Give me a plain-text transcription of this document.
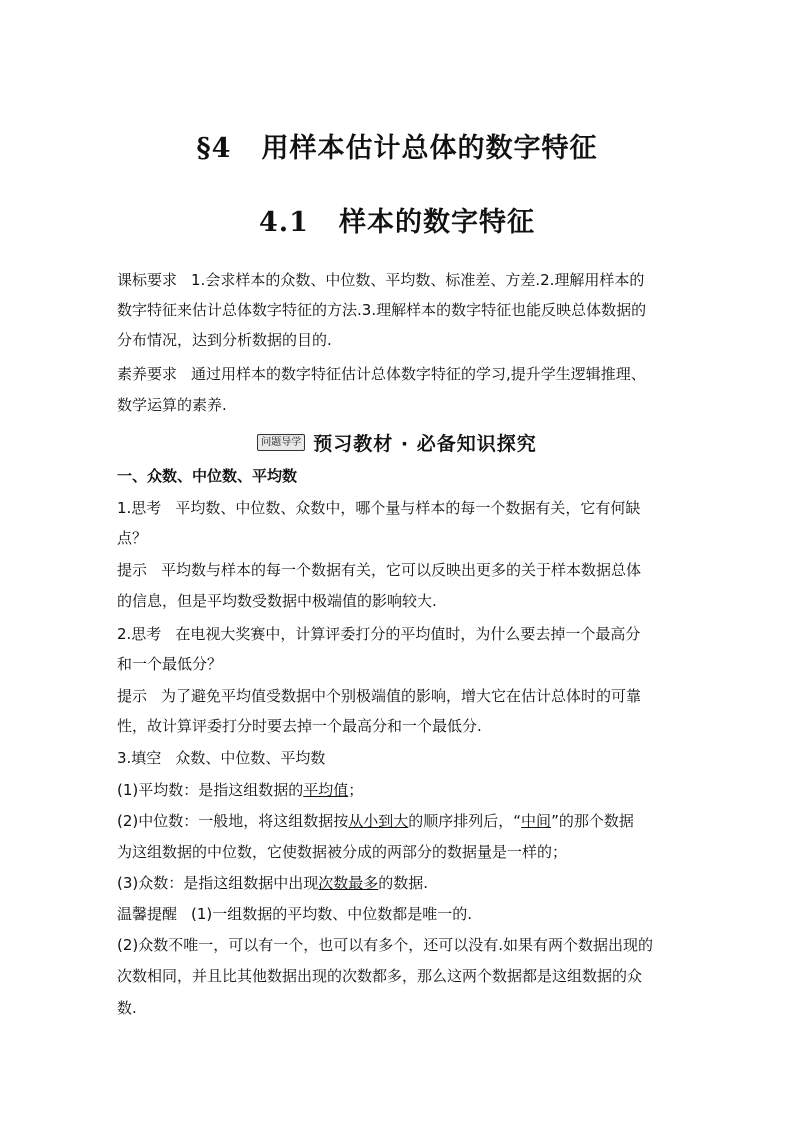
§4 用样本估计总体的数字特征
4.1 样本的数字特征
课标要求 1.会求样本的众数、中位数、平均数、标准差、方差.2.理解用样本的
数字特征来估计总体数字特征的方法.3.理解样本的数字特征也能反映总体数据的
分布情况，达到分析数据的目的.
素养要求 通过用样本的数字特征估计总体数字特征的学习,提升学生逻辑推理、
数学运算的素养.
问题导学 预习教材 · 必备知识探究
一、众数、中位数、平均数
1.思考 平均数、中位数、众数中，哪个量与样本的每一个数据有关，它有何缺
点？
提示 平均数与样本的每一个数据有关，它可以反映出更多的关于样本数据总体
的信息，但是平均数受数据中极端值的影响较大.
2.思考 在电视大奖赛中，计算评委打分的平均值时，为什么要去掉一个最高分
和一个最低分？
提示 为了避免平均值受数据中个别极端值的影响，增大它在估计总体时的可靠
性，故计算评委打分时要去掉一个最高分和一个最低分.
3.填空 众数、中位数、平均数
(1)平均数：是指这组数据的平均值；
(2)中位数：一般地，将这组数据按从小到大的顺序排列后，“中间”的那个数据
为这组数据的中位数，它使数据被分成的两部分的数据量是一样的；
(3)众数：是指这组数据中出现次数最多的数据.
温馨提醒 (1)一组数据的平均数、中位数都是唯一的.
(2)众数不唯一，可以有一个，也可以有多个，还可以没有.如果有两个数据出现的
次数相同，并且比其他数据出现的次数都多，那么这两个数据都是这组数据的众
数.
